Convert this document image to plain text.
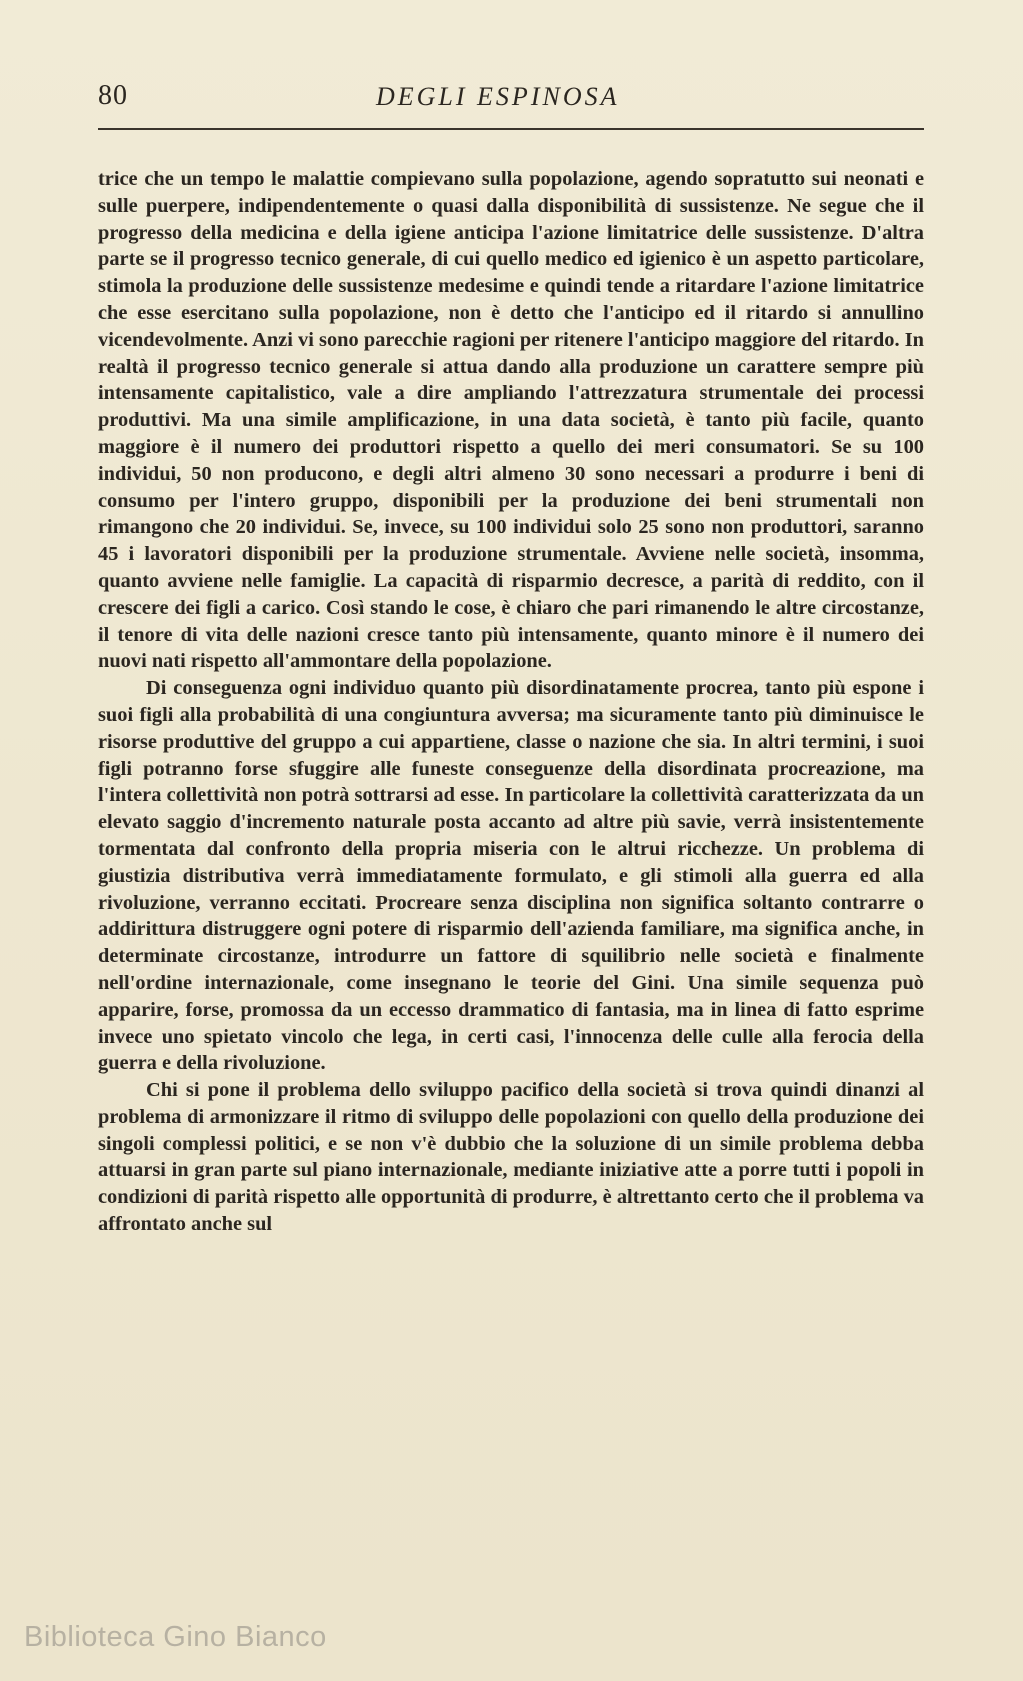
80	DEGLI ESPINOSA

trice che un tempo le malattie compievano sulla popolazione, agendo sopratutto sui neonati e sulle puerpere, indipendentemente o quasi dalla disponibilità di sussistenze. Ne segue che il progresso della medicina e della igiene anticipa l'azione limitatrice delle sussistenze. D'altra parte se il progresso tecnico generale, di cui quello medico ed igienico è un aspetto particolare, stimola la produzione delle sussistenze medesime e quindi tende a ritardare l'azione limitatrice che esse esercitano sulla popolazione, non è detto che l'anticipo ed il ritardo si annullino vicendevolmente. Anzi vi sono parecchie ragioni per ritenere l'anticipo maggiore del ritardo. In realtà il progresso tecnico generale si attua dando alla produzione un carattere sempre più intensamente capitalistico, vale a dire ampliando l'attrezzatura strumentale dei processi produttivi. Ma una simile amplificazione, in una data società, è tanto più facile, quanto maggiore è il numero dei produttori rispetto a quello dei meri consumatori. Se su 100 individui, 50 non producono, e degli altri almeno 30 sono necessari a produrre i beni di consumo per l'intero gruppo, disponibili per la produzione dei beni strumentali non rimangono che 20 individui. Se, invece, su 100 individui solo 25 sono non produttori, saranno 45 i lavoratori disponibili per la produzione strumentale. Avviene nelle società, insomma, quanto avviene nelle famiglie. La capacità di risparmio decresce, a parità di reddito, con il crescere dei figli a carico. Così stando le cose, è chiaro che pari rimanendo le altre circostanze, il tenore di vita delle nazioni cresce tanto più intensamente, quanto minore è il numero dei nuovi nati rispetto all'ammontare della popolazione.

Di conseguenza ogni individuo quanto più disordinatamente procrea, tanto più espone i suoi figli alla probabilità di una congiuntura avversa; ma sicuramente tanto più diminuisce le risorse produttive del gruppo a cui appartiene, classe o nazione che sia. In altri termini, i suoi figli potranno forse sfuggire alle funeste conseguenze della disordinata procreazione, ma l'intera collettività non potrà sottrarsi ad esse. In particolare la collettività caratterizzata da un elevato saggio d'incremento naturale posta accanto ad altre più savie, verrà insistentemente tormentata dal confronto della propria miseria con le altrui ricchezze. Un problema di giustizia distributiva verrà immediatamente formulato, e gli stimoli alla guerra ed alla rivoluzione, verranno eccitati. Procreare senza disciplina non significa soltanto contrarre o addirittura distruggere ogni potere di risparmio dell'azienda familiare, ma significa anche, in determinate circostanze, introdurre un fattore di squilibrio nelle società e finalmente nell'ordine internazionale, come insegnano le teorie del Gini. Una simile sequenza può apparire, forse, promossa da un eccesso drammatico di fantasia, ma in linea di fatto esprime invece uno spietato vincolo che lega, in certi casi, l'innocenza delle culle alla ferocia della guerra e della rivoluzione.

Chi si pone il problema dello sviluppo pacifico della società si trova quindi dinanzi al problema di armonizzare il ritmo di sviluppo delle popolazioni con quello della produzione dei singoli complessi politici, e se non v'è dubbio che la soluzione di un simile problema debba attuarsi in gran parte sul piano internazionale, mediante iniziative atte a porre tutti i popoli in condizioni di parità rispetto alle opportunità di produrre, è altrettanto certo che il problema va affrontato anche sul

Biblioteca Gino Bianco
